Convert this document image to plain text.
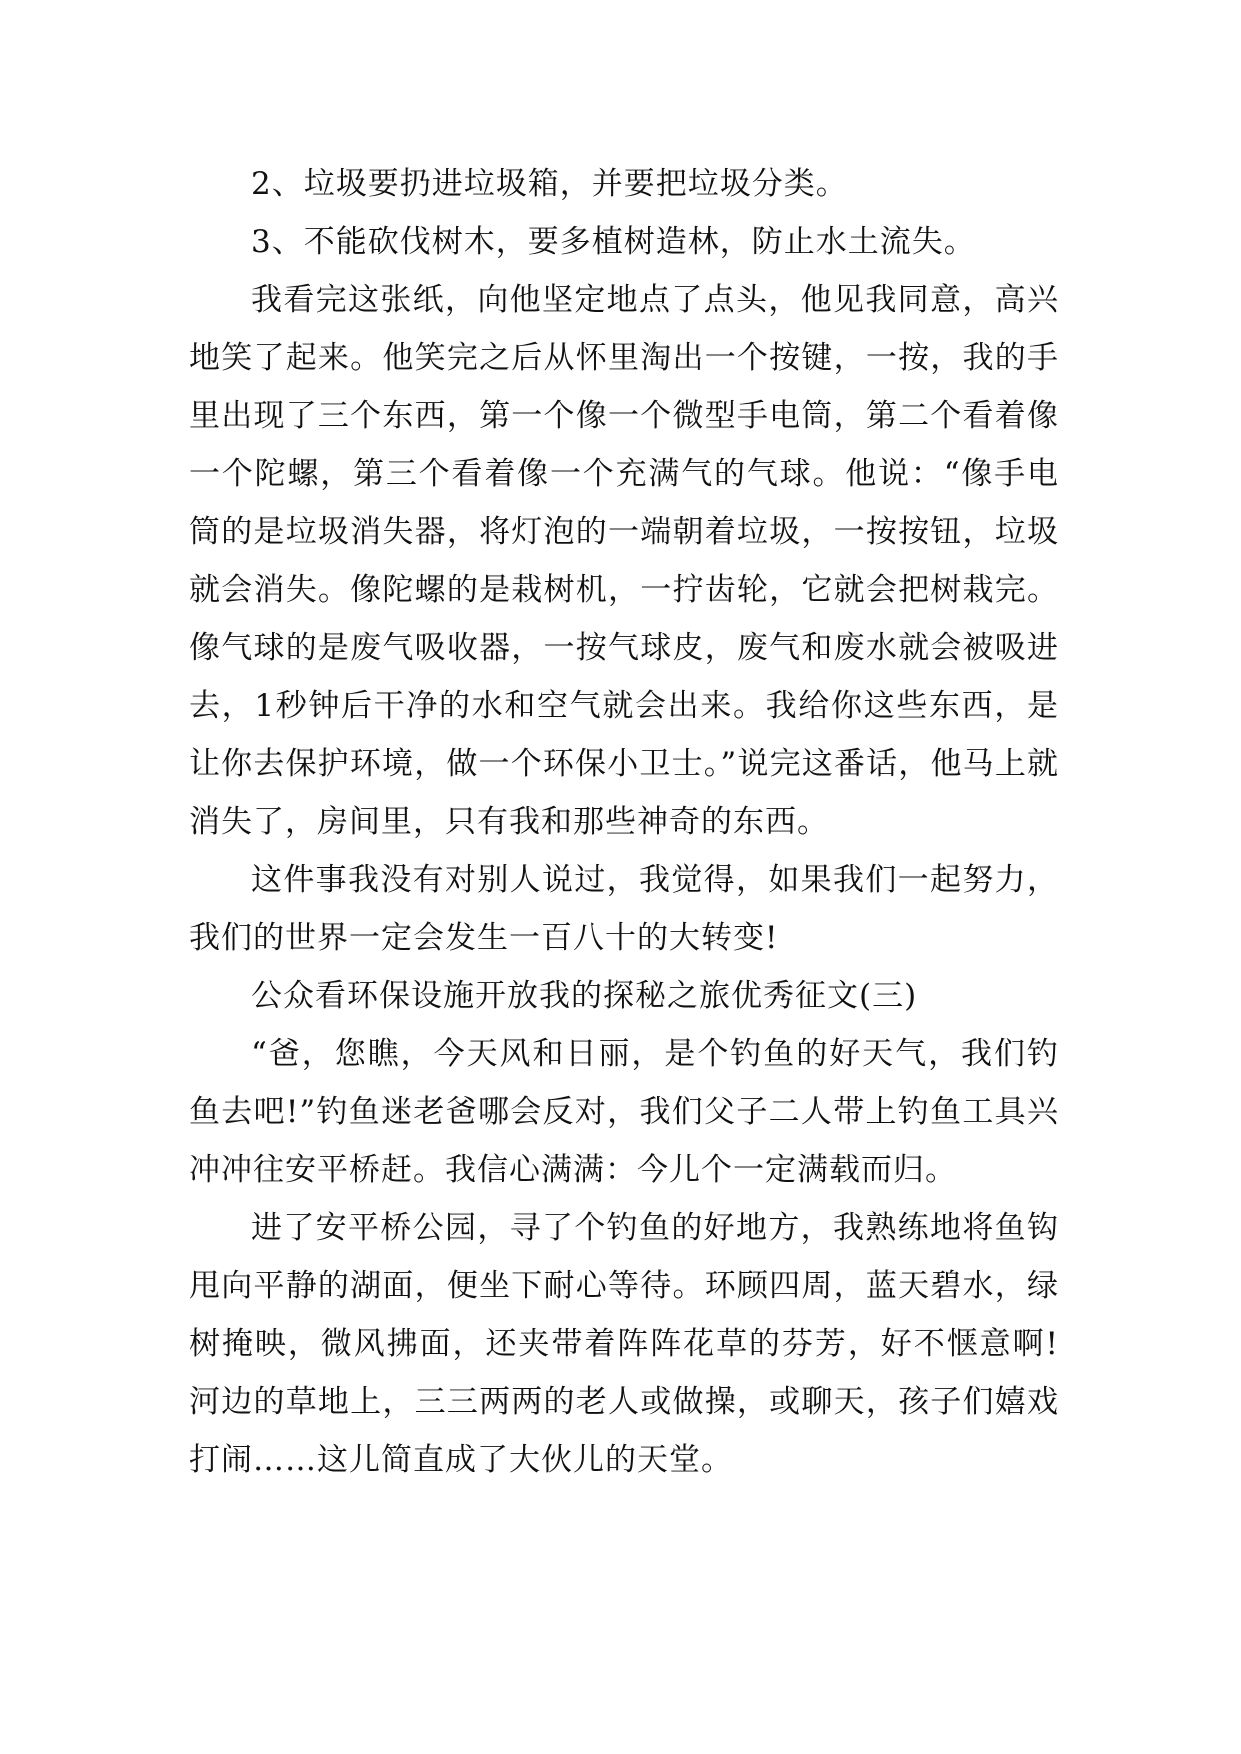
2、垃圾要扔进垃圾箱，并要把垃圾分类。

3、不能砍伐树木，要多植树造林，防止水土流失。

我看完这张纸，向他坚定地点了点头，他见我同意，高兴地笑了起来。他笑完之后从怀里淘出一个按键，一按，我的手里出现了三个东西，第一个像一个微型手电筒，第二个看着像一个陀螺，第三个看着像一个充满气的气球。他说：“像手电筒的是垃圾消失器，将灯泡的一端朝着垃圾，一按按钮，垃圾就会消失。像陀螺的是栽树机，一拧齿轮，它就会把树栽完。像气球的是废气吸收器，一按气球皮，废气和废水就会被吸进去，1秒钟后干净的水和空气就会出来。我给你这些东西，是让你去保护环境，做一个环保小卫士。”说完这番话，他马上就消失了，房间里，只有我和那些神奇的东西。

这件事我没有对别人说过，我觉得，如果我们一起努力，我们的世界一定会发生一百八十的大转变!

公众看环保设施开放我的探秘之旅优秀征文(三)

“爸，您瞧，今天风和日丽，是个钓鱼的好天气，我们钓鱼去吧!”钓鱼迷老爸哪会反对，我们父子二人带上钓鱼工具兴冲冲往安平桥赶。我信心满满：今儿个一定满载而归。

进了安平桥公园，寻了个钓鱼的好地方，我熟练地将鱼钩甩向平静的湖面，便坐下耐心等待。环顾四周，蓝天碧水，绿树掩映，微风拂面，还夹带着阵阵花草的芬芳，好不惬意啊!河边的草地上，三三两两的老人或做操，或聊天，孩子们嬉戏打闹……这儿简直成了大伙儿的天堂。
